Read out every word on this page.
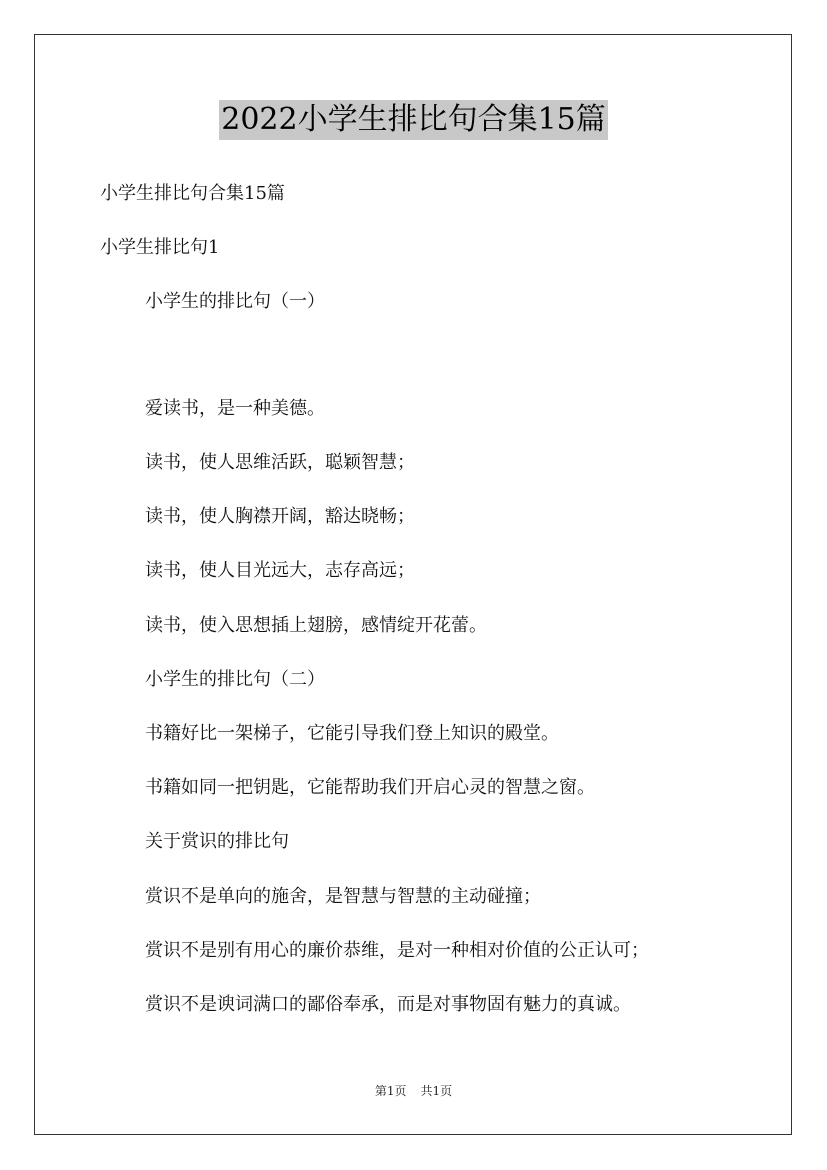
2022小学生排比句合集15篇
小学生排比句合集15篇
小学生排比句1
小学生的排比句（一）
爱读书，是一种美德。
读书，使人思维活跃，聪颖智慧；
读书，使人胸襟开阔，豁达晓畅；
读书，使人目光远大，志存高远；
读书，使入思想插上翅膀，感情绽开花蕾。
小学生的排比句（二）
书籍好比一架梯子，它能引导我们登上知识的殿堂。
书籍如同一把钥匙，它能帮助我们开启心灵的智慧之窗。
关于赏识的排比句
赏识不是单向的施舍，是智慧与智慧的主动碰撞；
赏识不是别有用心的廉价恭维，是对一种相对价值的公正认可；
赏识不是谀词满口的鄙俗奉承，而是对事物固有魅力的真诚。
第1页 共1页
